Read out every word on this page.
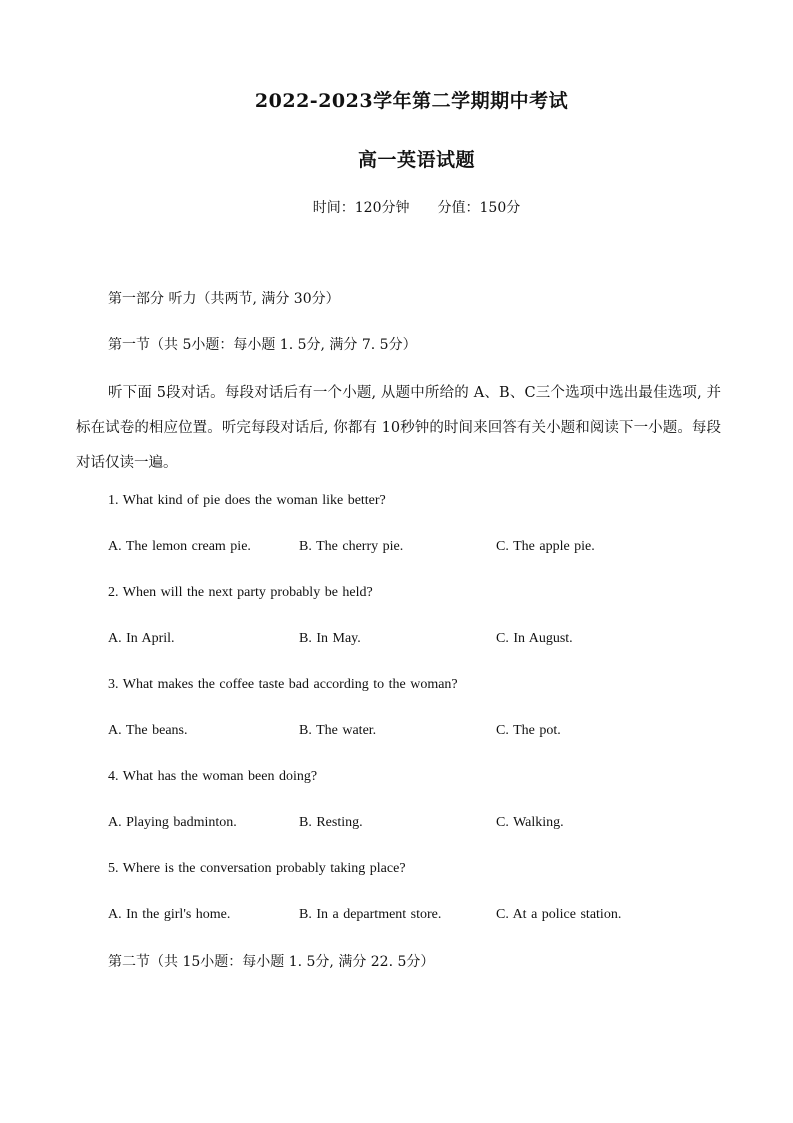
2022-2023学年第二学期期中考试
高一英语试题
时间：120分钟 分值：150分
第一部分 听力（共两节, 满分 30分）
第一节（共 5小题：每小题 1. 5分, 满分 7. 5分）
听下面 5段对话。每段对话后有一个小题, 从题中所给的 A、B、C三个选项中选出最佳选项, 并标在试卷的相应位置。听完每段对话后, 你都有 10秒钟的时间来回答有关小题和阅读下一小题。每段对话仅读一遍。
1. What kind of pie does the woman like better?
A. The lemon cream pie.	B. The cherry pie.	C. The apple pie.
2. When will the next party probably be held?
A. In April.	B. In May.	C. In August.
3. What makes the coffee taste bad according to the woman?
A. The beans.	B. The water.	C. The pot.
4. What has the woman been doing?
A. Playing badminton.	B. Resting.	C. Walking.
5. Where is the conversation probably taking place?
A. In the girl's home.	B. In a department store.	C. At a police station.
第二节（共 15小题：每小题 1. 5分, 满分 22. 5分）
